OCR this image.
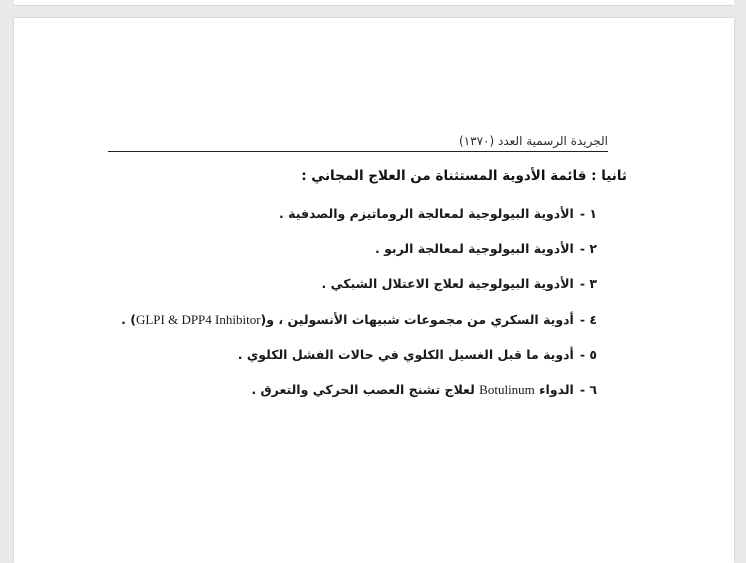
الجريدة الرسمية العدد (١٣٧٠)
ثانيا : قائمة الأدوية المستثناة من العلاج المجاني :
١ -الأدوية البيولوجية لمعالجة الروماتيزم والصدفية .
٢ -الأدوية البيولوجية لمعالجة الربو .
٣ -الأدوية البيولوجية لعلاج الاعتلال الشبكي .
٤ -أدوية السكري من مجموعات شبيهات الأنسولين ، و(GLPI & DPP4 Inhibitor) .
٥ -أدوية ما قبل الغسيل الكلوي في حالات الفشل الكلوي .
٦ -الدواء Botulinum لعلاج تشنج العصب الحركي والتعرق .
